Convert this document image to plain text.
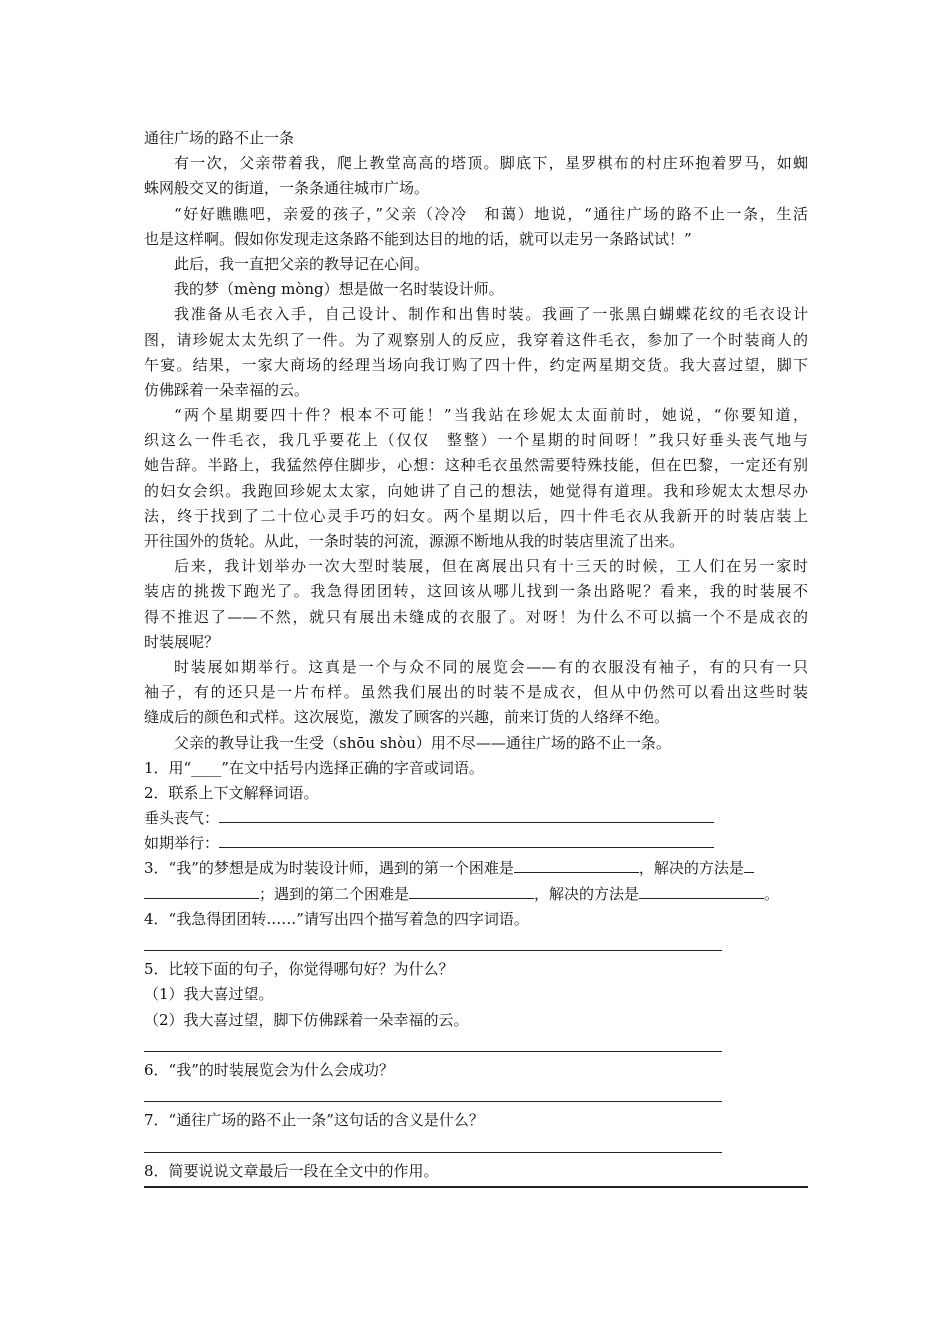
通往广场的路不止一条
有一次，父亲带着我，爬上教堂高高的塔顶。脚底下，星罗棋布的村庄环抱着罗马，如蜘
蛛网般交叉的街道，一条条通往城市广场。
“好好瞧瞧吧，亲爱的孩子，”父亲（冷冷　和蔼）地说，“通往广场的路不止一条，生活
也是这样啊。假如你发现走这条路不能到达目的地的话，就可以走另一条路试试！”
此后，我一直把父亲的教导记在心间。
我的梦（mèng mòng）想是做一名时装设计师。
我准备从毛衣入手，自己设计、制作和出售时装。我画了一张黑白蝴蝶花纹的毛衣设计
图，请珍妮太太先织了一件。为了观察别人的反应，我穿着这件毛衣，参加了一个时装商人的
午宴。结果，一家大商场的经理当场向我订购了四十件，约定两星期交货。我大喜过望，脚下
仿佛踩着一朵幸福的云。
“两个星期要四十件？根本不可能！”当我站在珍妮太太面前时，她说，“你要知道，
织这么一件毛衣，我几乎要花上（仅仅　整整）一个星期的时间呀！”我只好垂头丧气地与
她告辞。半路上，我猛然停住脚步，心想：这种毛衣虽然需要特殊技能，但在巴黎，一定还有别
的妇女会织。我跑回珍妮太太家，向她讲了自己的想法，她觉得有道理。我和珍妮太太想尽办
法，终于找到了二十位心灵手巧的妇女。两个星期以后，四十件毛衣从我新开的时装店装上
开往国外的货轮。从此，一条时装的河流，源源不断地从我的时装店里流了出来。
后来，我计划举办一次大型时装展，但在离展出只有十三天的时候，工人们在另一家时
装店的挑拨下跑光了。我急得团团转，这回该从哪儿找到一条出路呢？看来，我的时装展不
得不推迟了——不然，就只有展出未缝成的衣服了。对呀！为什么不可以搞一个不是成衣的
时装展呢？
时装展如期举行。这真是一个与众不同的展览会——有的衣服没有袖子，有的只有一只
袖子，有的还只是一片布样。虽然我们展出的时装不是成衣，但从中仍然可以看出这些时装
缝成后的颜色和式样。这次展览，激发了顾客的兴趣，前来订货的人络绎不绝。
父亲的教导让我一生受（shōu shòu）用不尽——通往广场的路不止一条。
1．用“____”在文中括号内选择正确的字音或词语。
2．联系上下文解释词语。
垂头丧气：
如期举行：
3．“我”的梦想是成为时装设计师，遇到的第一个困难是	，解决的方法是
；遇到的第二个困难是	，解决的方法是	。
4．“我急得团团转……”请写出四个描写着急的四字词语。
5．比较下面的句子，你觉得哪句好？为什么？
（1）我大喜过望。
（2）我大喜过望，脚下仿佛踩着一朵幸福的云。
6．“我”的时装展览会为什么会成功？
7．“通往广场的路不止一条”这句话的含义是什么？
8．简要说说文章最后一段在全文中的作用。
